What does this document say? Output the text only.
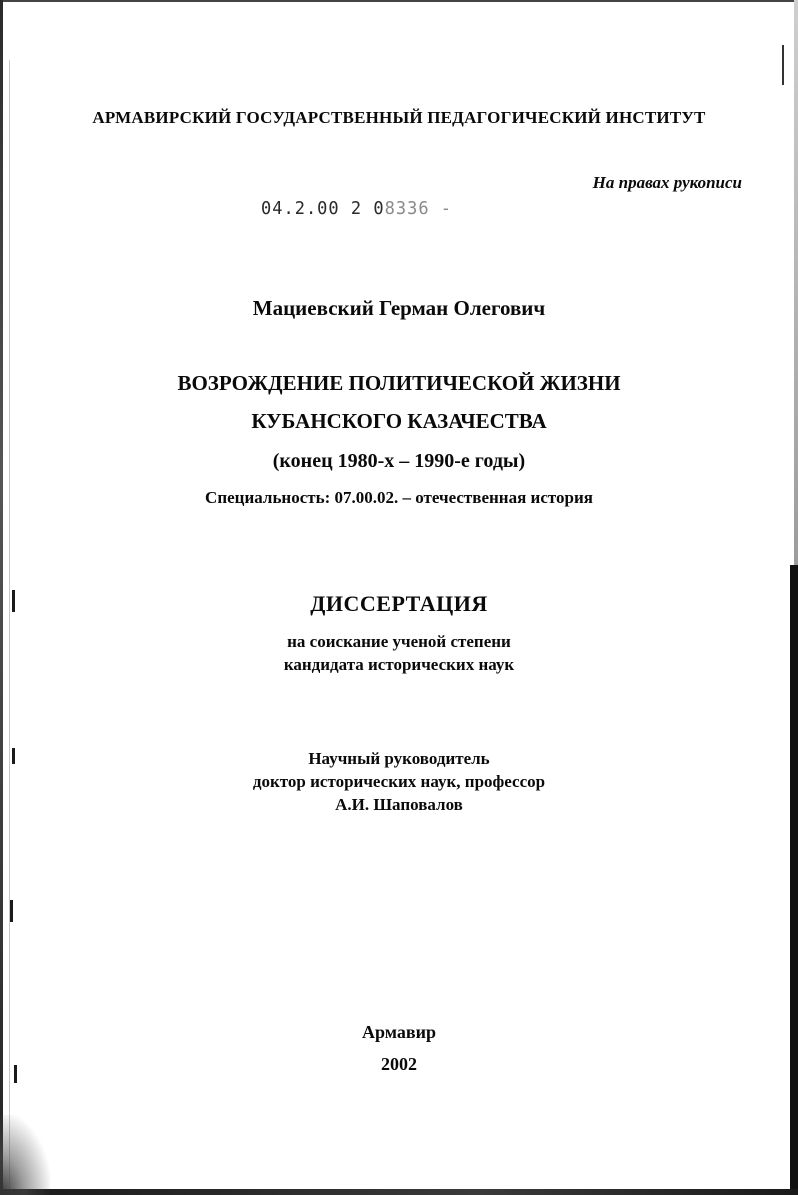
АРМАВИРСКИЙ ГОСУДАРСТВЕННЫЙ ПЕДАГОГИЧЕСКИЙ ИНСТИТУТ
На правах рукописи
04.2.00 2 08336 -
Мациевский Герман Олегович
ВОЗРОЖДЕНИЕ ПОЛИТИЧЕСКОЙ ЖИЗНИ
КУБАНСКОГО КАЗАЧЕСТВА
(конец 1980-х – 1990-е годы)
Специальность: 07.00.02. – отечественная история
ДИССЕРТАЦИЯ
на соискание ученой степени
кандидата исторических наук
Научный руководитель
доктор исторических наук, профессор
А.И. Шаповалов
Армавир
2002
